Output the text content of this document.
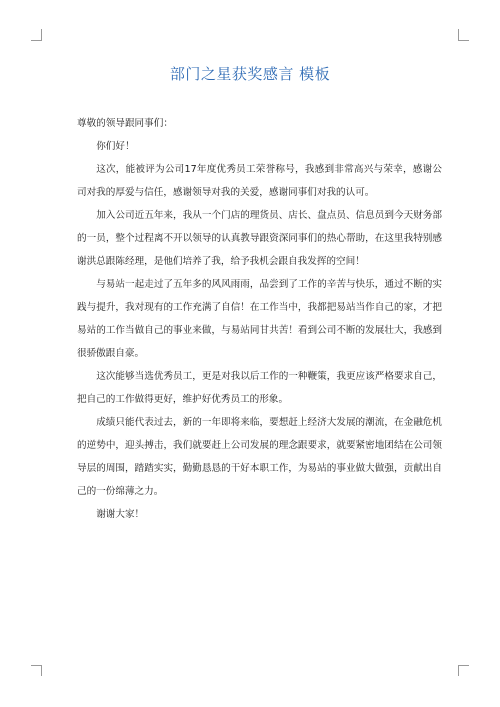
部门之星获奖感言 模板

尊敬的领导跟同事们：

你们好！

这次，能被评为公司17年度优秀员工荣誉称号，我感到非常高兴与荣幸，感谢公司对我的厚爱与信任，感谢领导对我的关爱，感谢同事们对我的认可。

加入公司近五年来，我从一个门店的理货员、店长、盘点员、信息员到今天财务部的一员，整个过程离不开以领导的认真教导跟资深同事们的热心帮助，在这里我特别感谢洪总跟陈经理，是他们培养了我，给予我机会跟自我发挥的空间！

与易站一起走过了五年多的风风雨雨，品尝到了工作的辛苦与快乐，通过不断的实践与提升，我对现有的工作充满了自信！在工作当中，我都把易站当作自己的家，才把易站的工作当做自己的事业来做，与易站同甘共苦！看到公司不断的发展壮大，我感到很骄傲跟自豪。

这次能够当选优秀员工，更是对我以后工作的一种鞭策，我更应该严格要求自己，把自己的工作做得更好，维护好优秀员工的形象。

成绩只能代表过去，新的一年即将来临，要想赶上经济大发展的潮流，在金融危机的逆势中，迎头搏击，我们就要赶上公司发展的理念跟要求，就要紧密地团结在公司领导层的周围，踏踏实实，勤勤恳恳的干好本职工作，为易站的事业做大做强，贡献出自己的一份绵薄之力。

谢谢大家！
